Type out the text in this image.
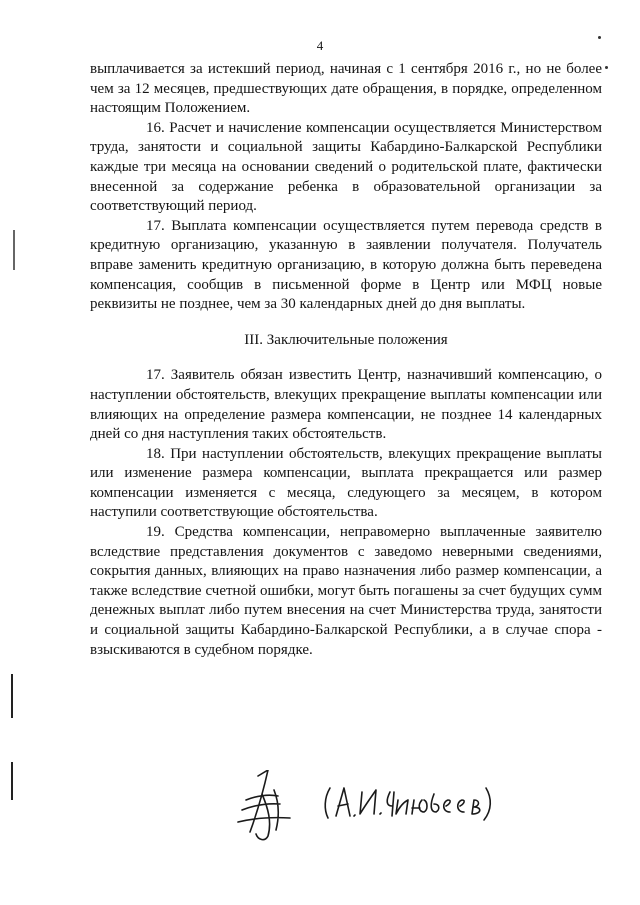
4

выплачивается за истекший период, начиная с 1 сентября 2016 г., но не более чем за 12 месяцев, предшествующих дате обращения, в порядке, определенном настоящим Положением.

16. Расчет и начисление компенсации осуществляется Министерством труда, занятости и социальной защиты Кабардино-Балкарской Республики каждые три месяца на основании сведений о родительской плате, фактически внесенной за содержание ребенка в образовательной организации за соответствующий период.

17. Выплата компенсации осуществляется путем перевода средств в кредитную организацию, указанную в заявлении получателя. Получатель вправе заменить кредитную организацию, в которую должна быть переведена компенсация, сообщив в письменной форме в Центр или МФЦ новые реквизиты не позднее, чем за 30 календарных дней до дня выплаты.

III. Заключительные положения

17. Заявитель обязан известить Центр, назначивший компенсацию, о наступлении обстоятельств, влекущих прекращение выплаты компенсации или влияющих на определение размера компенсации, не позднее 14 календарных дней со дня наступления таких обстоятельств.

18. При наступлении обстоятельств, влекущих прекращение выплаты или изменение размера компенсации, выплата прекращается или размер компенсации изменяется с месяца, следующего за месяцем, в котором наступили соответствующие обстоятельства.

19. Средства компенсации, неправомерно выплаченные заявителю вследствие представления документов с заведомо неверными сведениями, сокрытия данных, влияющих на право назначения либо размер компенсации, а также вследствие счетной ошибки, могут быть погашены за счет будущих сумм денежных выплат либо путем внесения на счет Министерства труда, занятости и социальной защиты Кабардино-Балкарской Республики, а в случае спора - взыскиваются в судебном порядке.
